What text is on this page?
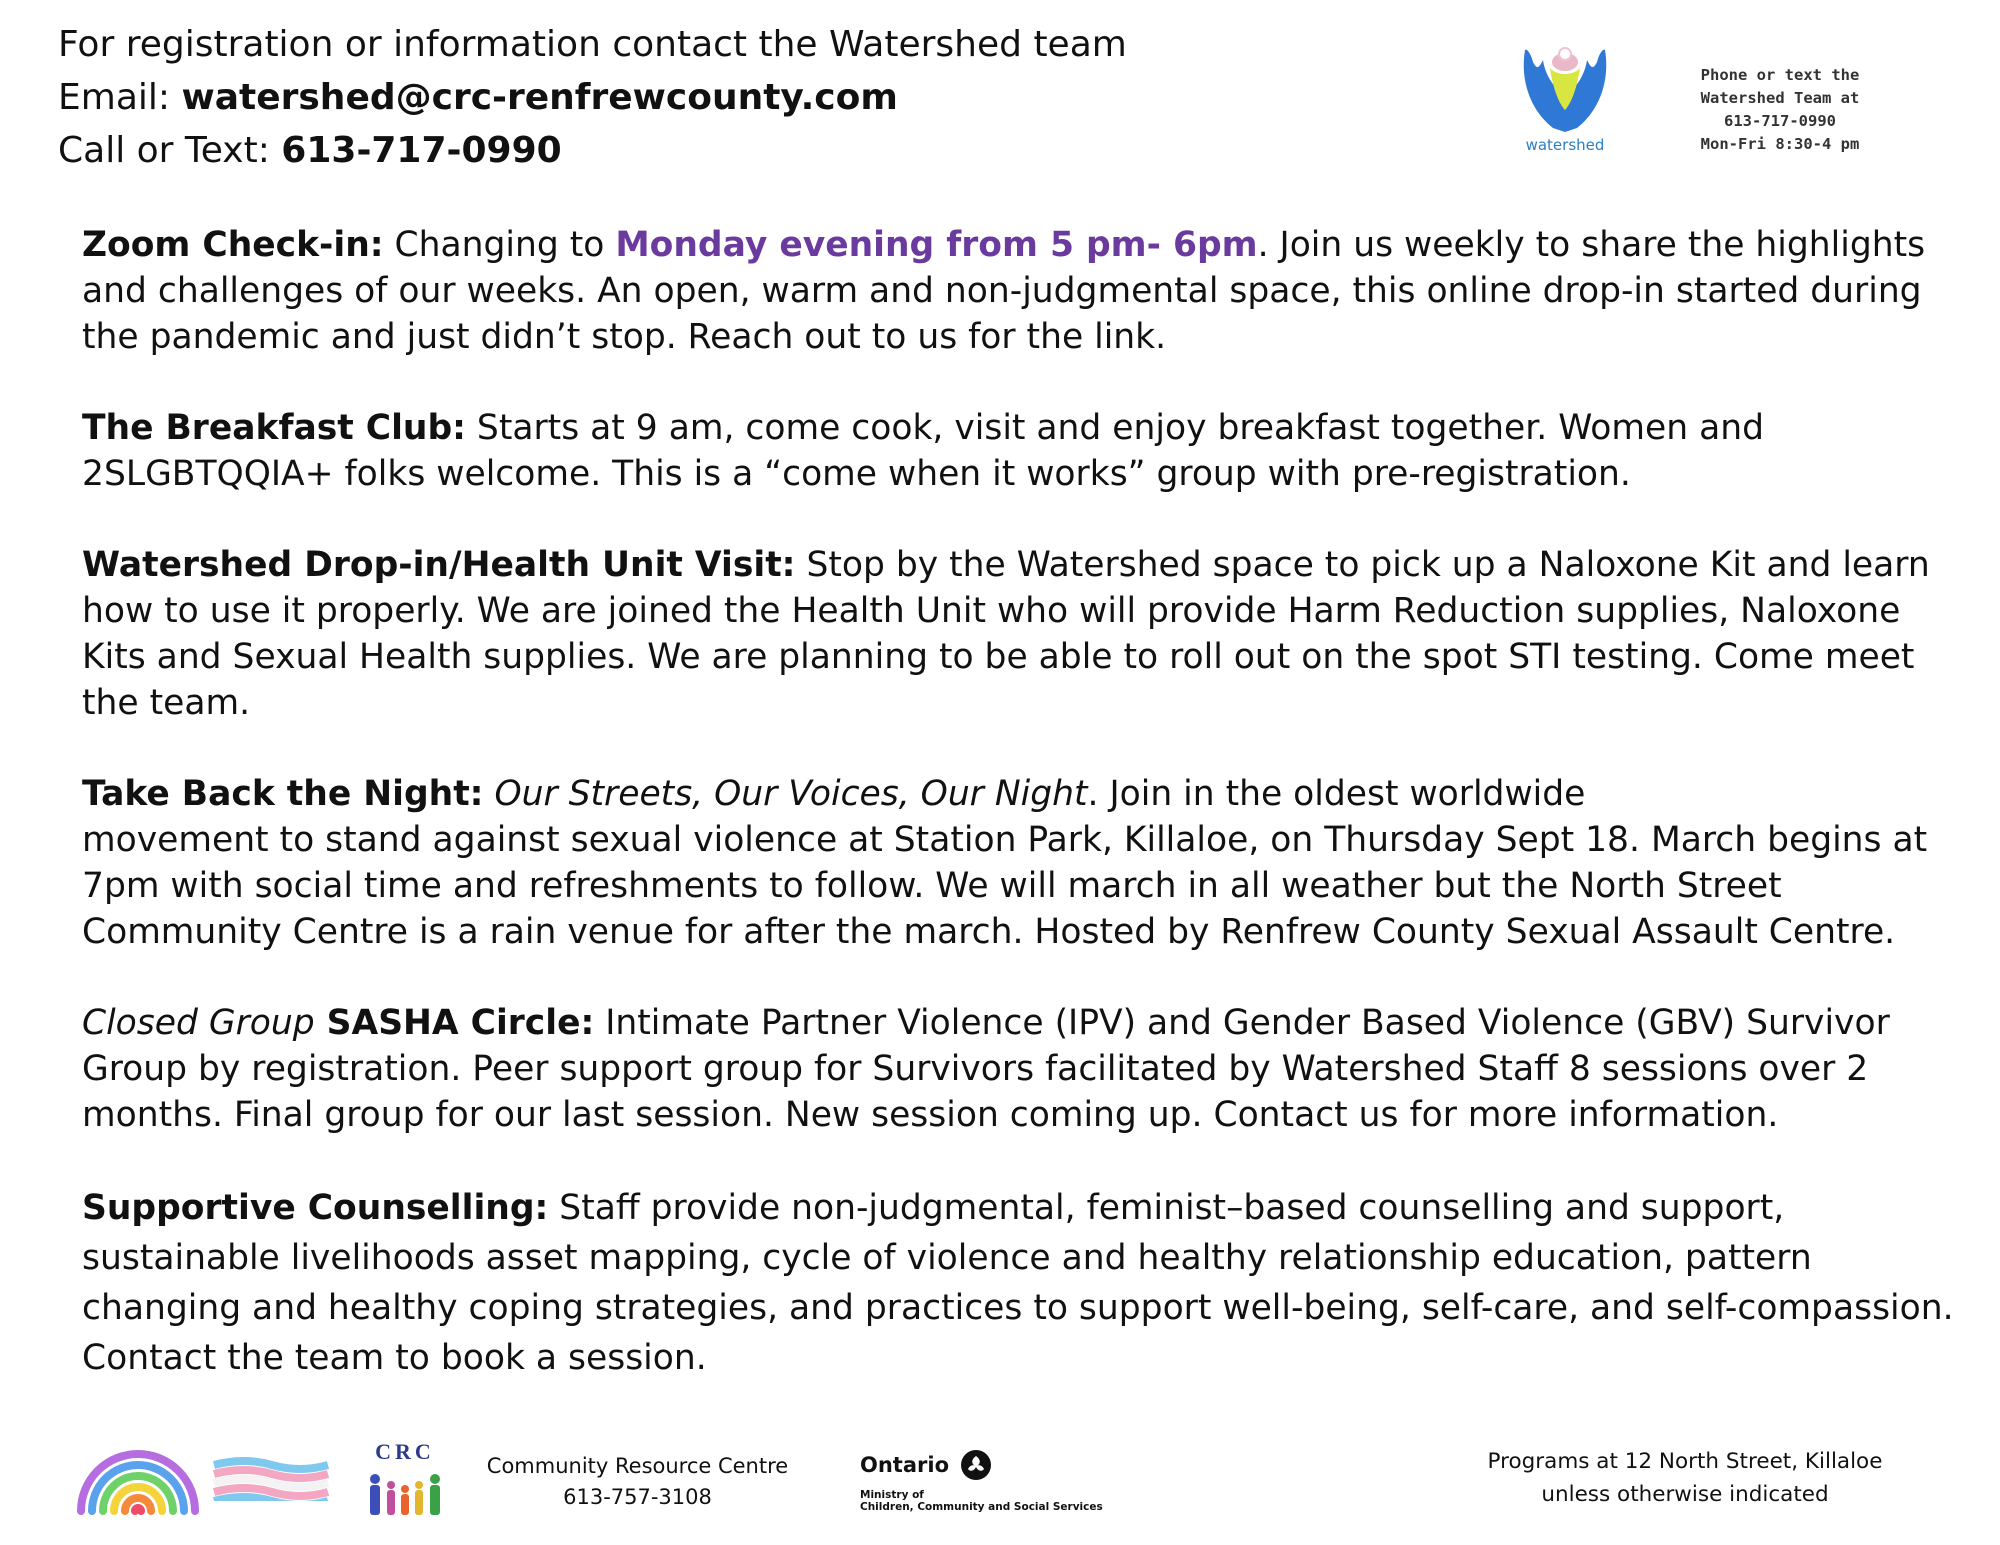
For registration or information contact the Watershed team
Email: watershed@crc-renfrewcounty.com
Call or Text: 613-717-0990	watershed
Phone or text the
Watershed Team at
613-717-0990
Mon-Fri 8:30-4 pm

Zoom Check-in: Changing to Monday evening from 5 pm- 6pm. Join us weekly to share the highlights and challenges of our weeks. An open, warm and non-judgmental space, this online drop-in started during the pandemic and just didn’t stop. Reach out to us for the link.

The Breakfast Club: Starts at 9 am, come cook, visit and enjoy breakfast together. Women and 2SLGBTQQIA+ folks welcome. This is a “come when it works” group with pre-registration.

Watershed Drop-in/Health Unit Visit: Stop by the Watershed space to pick up a Naloxone Kit and learn how to use it properly. We are joined the Health Unit who will provide Harm Reduction supplies, Naloxone Kits and Sexual Health supplies. We are planning to be able to roll out on the spot STI testing. Come meet the team.

Take Back the Night: Our Streets, Our Voices, Our Night. Join in the oldest worldwide
movement to stand against sexual violence at Station Park, Killaloe, on Thursday Sept 18. March begins at 7pm with social time and refreshments to follow. We will march in all weather but the North Street Community Centre is a rain venue for after the march. Hosted by Renfrew County Sexual Assault Centre.

Closed Group SASHA Circle: Intimate Partner Violence (IPV) and Gender Based Violence (GBV) Survivor Group by registration. Peer support group for Survivors facilitated by Watershed Staff 8 sessions over 2 months. Final group for our last session. New session coming up. Contact us for more information.

Supportive Counselling: Staff provide non-judgmental, feminist–based counselling and support, sustainable livelihoods asset mapping, cycle of violence and healthy relationship education, pattern changing and healthy coping strategies, and practices to support well-being, self-care, and self-compassion. Contact the team to book a session.

CRC
Community Resource Centre
613-757-3108
Ontario
Ministry of
Children, Community and Social Services
Programs at 12 North Street, Killaloe
unless otherwise indicated
